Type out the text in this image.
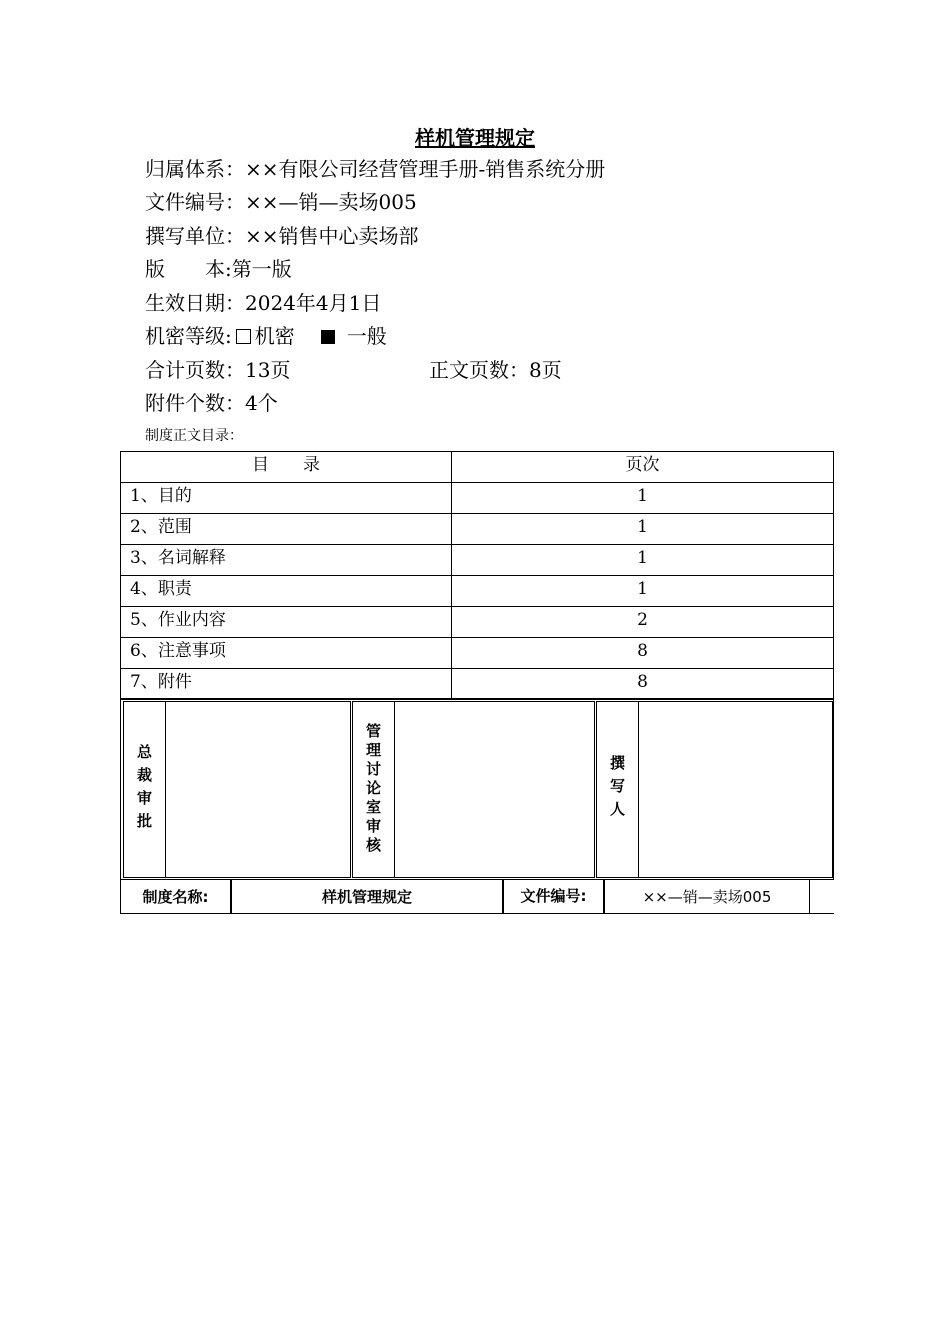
样机管理规定
归属体系：××有限公司经营管理手册-销售系统分册
文件编号：××—销—卖场005
撰写单位：××销售中心卖场部
版　　本:第一版
生效日期：2024年4月1日
机密等级: 机密	一般
合计页数：13页	正文页数：8页
附件个数：4个
制度正文目录：
目　　录	页次
1、目的	1
2、范围	1
3、名词解释	1
4、职责	1
5、作业内容	2
6、注意事项	8
7、附件	8
总裁审批	管理讨论室审核	撰写人
制度名称:	样机管理规定	文件编号:	××—销—卖场005
